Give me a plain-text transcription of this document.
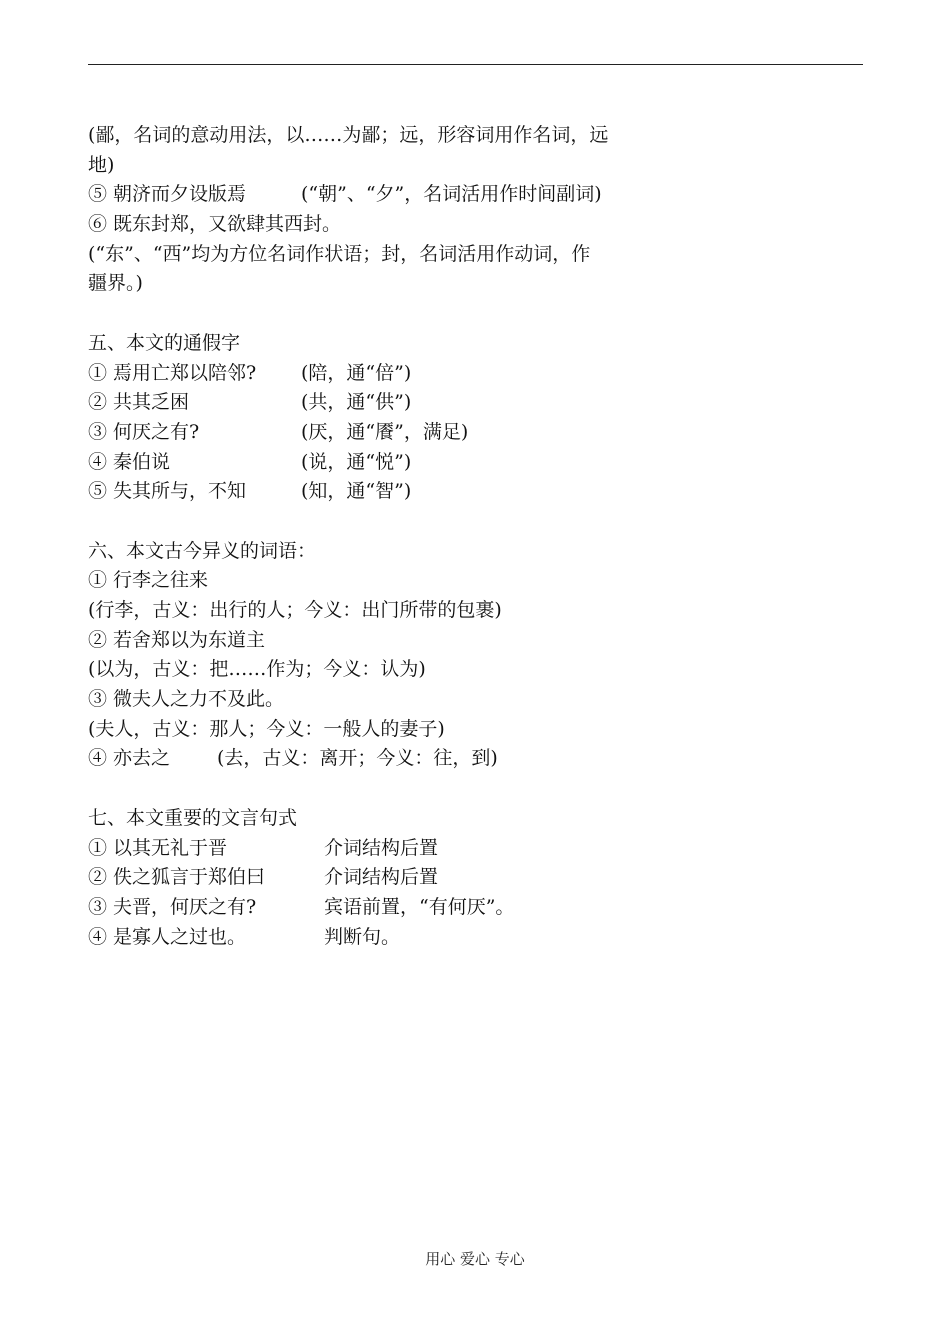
(鄙，名词的意动用法，以……为鄙；远，形容词用作名词，远
地)
⑤ 朝济而夕设版焉	(“朝”、“夕”，名词活用作时间副词)
⑥ 既东封郑，又欲肆其西封。
(“东”、“西”均为方位名词作状语；封，名词活用作动词，作
疆界。)
五、本文的通假字
① 焉用亡郑以陪邻? (陪，通“倍”)
② 共其乏困	(共，通“供”)
③ 何厌之有?	(厌，通“餍”，满足)
④ 秦伯说	(说，通“悦”)
⑤ 失其所与，不知	(知，通“智”)
六、本文古今异义的词语：
① 行李之往来
(行李，古义：出行的人；今义：出门所带的包裹)
② 若舍郑以为东道主
(以为，古义：把……作为；今义：认为)
③ 微夫人之力不及此。
(夫人，古义：那人；今义：一般人的妻子)
④ 亦去之 (去，古义：离开；今义：往，到)
七、本文重要的文言句式
① 以其无礼于晋	介词结构后置
② 佚之狐言于郑伯曰	介词结构后置
③ 夫晋，何厌之有?	宾语前置，“有何厌”。
④ 是寡人之过也。	判断句。
用心 爱心 专心
